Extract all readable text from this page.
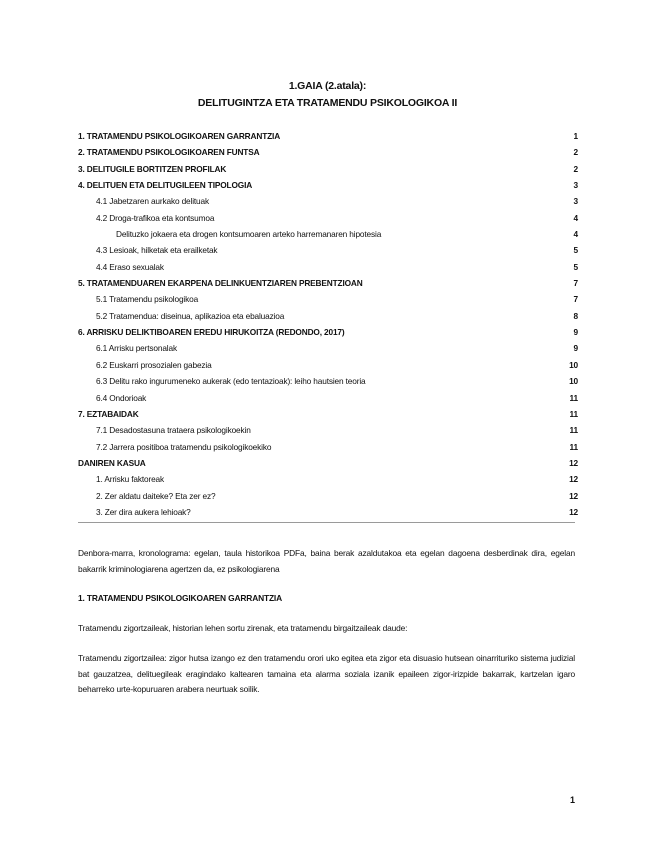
1.GAIA (2.atala):
DELITUGINTZA ETA TRATAMENDU PSIKOLOGIKOA II
1. TRATAMENDU PSIKOLOGIKOAREN GARRANTZIA	1
2. TRATAMENDU PSIKOLOGIKOAREN FUNTSA	2
3. DELITUGILE BORTITZEN PROFILAK	2
4. DELITUEN ETA DELITUGILEEN TIPOLOGIA	3
4.1 Jabetzaren aurkako delituak	3
4.2 Droga-trafikoa eta kontsumoa	4
Delituzko jokaera eta drogen kontsumoaren arteko harremanaren hipotesia	4
4.3 Lesioak, hilketak eta erailketak	5
4.4 Eraso sexualak	5
5. TRATAMENDUAREN EKARPENA DELINKUENTZIAREN PREBENTZIOAN	7
5.1 Tratamendu psikologikoa	7
5.2 Tratamendua: diseinua, aplikazioa eta ebaluazioa	8
6. ARRISKU DELIKTIBOAREN EREDU HIRUKOITZA (REDONDO, 2017)	9
6.1 Arrisku pertsonalak	9
6.2 Euskarri prosozialen gabezia	10
6.3 Delitu rako ingurumeneko aukerak (edo tentazioak): leiho hautsien teoria	10
6.4 Ondorioak	11
7. EZTABAIDAK	11
7.1 Desadostasuna trataera psikologikoekin	11
7.2 Jarrera positiboa tratamendu psikologikoekiko	11
DANIREN KASUA	12
1. Arrisku faktoreak	12
2. Zer aldatu daiteke? Eta zer ez?	12
3. Zer dira aukera lehioak?	12
Denbora-marra, kronolograma: egelan, taula historikoa PDFa, baina berak azaldutakoa eta egelan dagoena desberdinak dira, egelan bakarrik kriminologiarena agertzen da, ez psikologiarena
1. TRATAMENDU PSIKOLOGIKOAREN GARRANTZIA
Tratamendu zigortzaileak, historian lehen sortu zirenak, eta tratamendu birgaitzaileak daude:
Tratamendu zigortzailea: zigor hutsa izango ez den tratamendu orori uko egitea eta zigor eta disuasio hutsean oinarrituriko sistema judizial bat gauzatzea, delituegileak eragindako kaltearen tamaina eta alarma soziala izanik epaileen zigor-irizpide bakarrak, kartzelan igaro beharreko urte-kopuruaren arabera neurtuak soilik.
1
